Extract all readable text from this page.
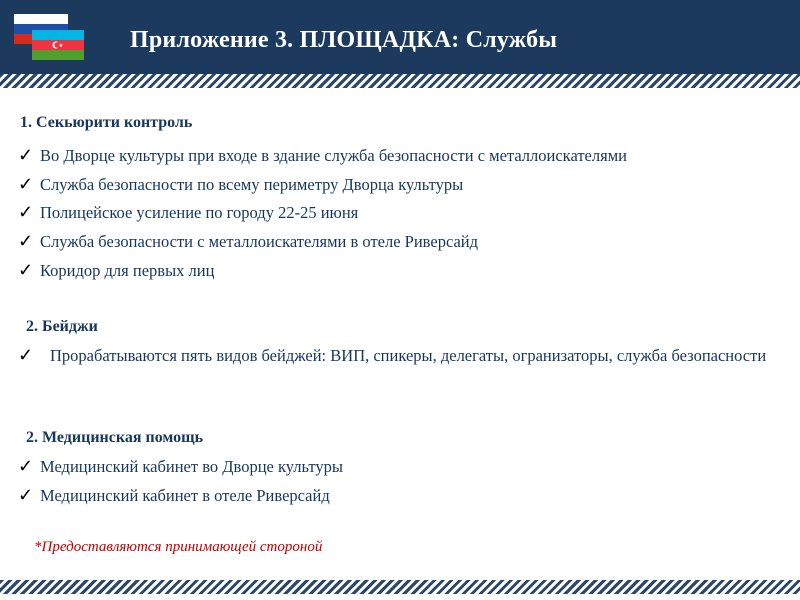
Приложение 3. ПЛОЩАДКА: Службы
1. Секьюрити контроль
✓ Во Дворце культуры при входе в здание служба безопасности с металлоискателями
✓ Служба безопасности по всему периметру Дворца культуры
✓ Полицейское усиление по городу 22-25 июня
✓ Служба безопасности с металлоискателями в отеле Риверсайд
✓ Коридор для первых лиц
2. Бейджи
✓	Прорабатываются пять видов бейджей: ВИП, спикеры, делегаты, огранизаторы, служба безопасности
2. Медицинская помощь
✓ Медицинский кабинет во Дворце культуры
✓ Медицинский кабинет в отеле Риверсайд
*Предоставляются принимающей стороной
